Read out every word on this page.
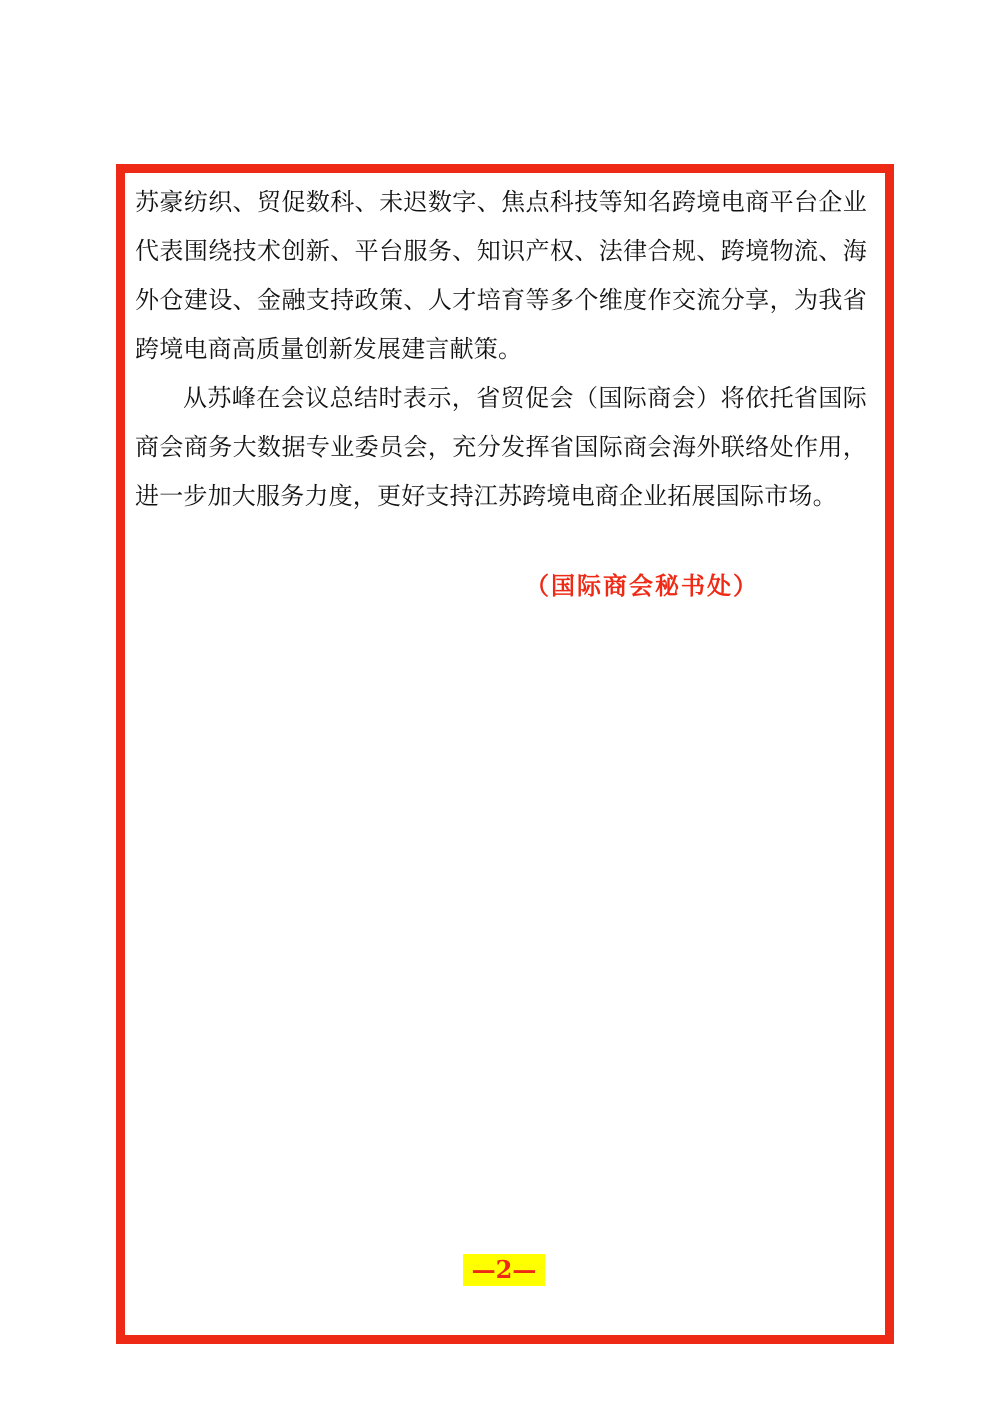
苏豪纺织、贸促数科、未迟数字、焦点科技等知名跨境电商平台企业代表围绕技术创新、平台服务、知识产权、法律合规、跨境物流、海外仓建设、金融支持政策、人才培育等多个维度作交流分享，为我省跨境电商高质量创新发展建言献策。

从苏峰在会议总结时表示，省贸促会（国际商会）将依托省国际商会商务大数据专业委员会，充分发挥省国际商会海外联络处作用，进一步加大服务力度，更好支持江苏跨境电商企业拓展国际市场。

（国际商会秘书处）
—2—
